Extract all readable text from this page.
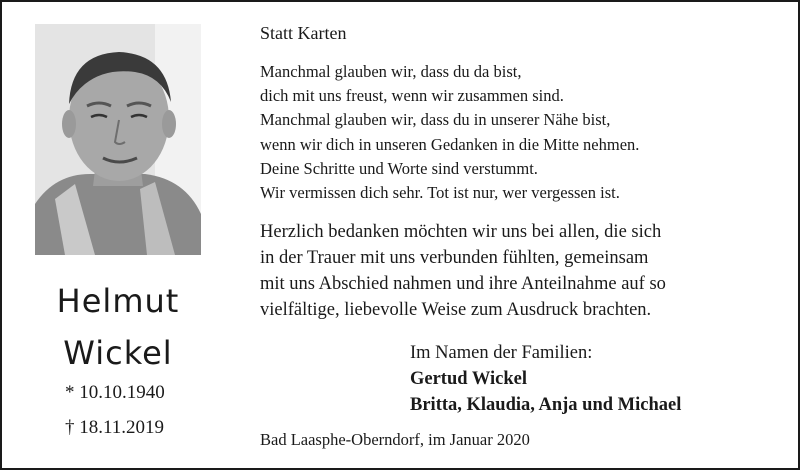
Helmut
Wickel
* 10.10.1940
† 18.11.2019
Statt Karten
Manchmal glauben wir, dass du da bist,
dich mit uns freust, wenn wir zusammen sind.
Manchmal glauben wir, dass du in unserer Nähe bist,
wenn wir dich in unseren Gedanken in die Mitte nehmen.
Deine Schritte und Worte sind verstummt.
Wir vermissen dich sehr. Tot ist nur, wer vergessen ist.
Herzlich bedanken möchten wir uns bei allen, die sich
in der Trauer mit uns verbunden fühlten, gemeinsam
mit uns Abschied nahmen und ihre Anteilnahme auf so
vielfältige, liebevolle Weise zum Ausdruck brachten.
Im Namen der Familien:
Gertud Wickel
Britta, Klaudia, Anja und Michael
Bad Laasphe-Oberndorf, im Januar 2020
